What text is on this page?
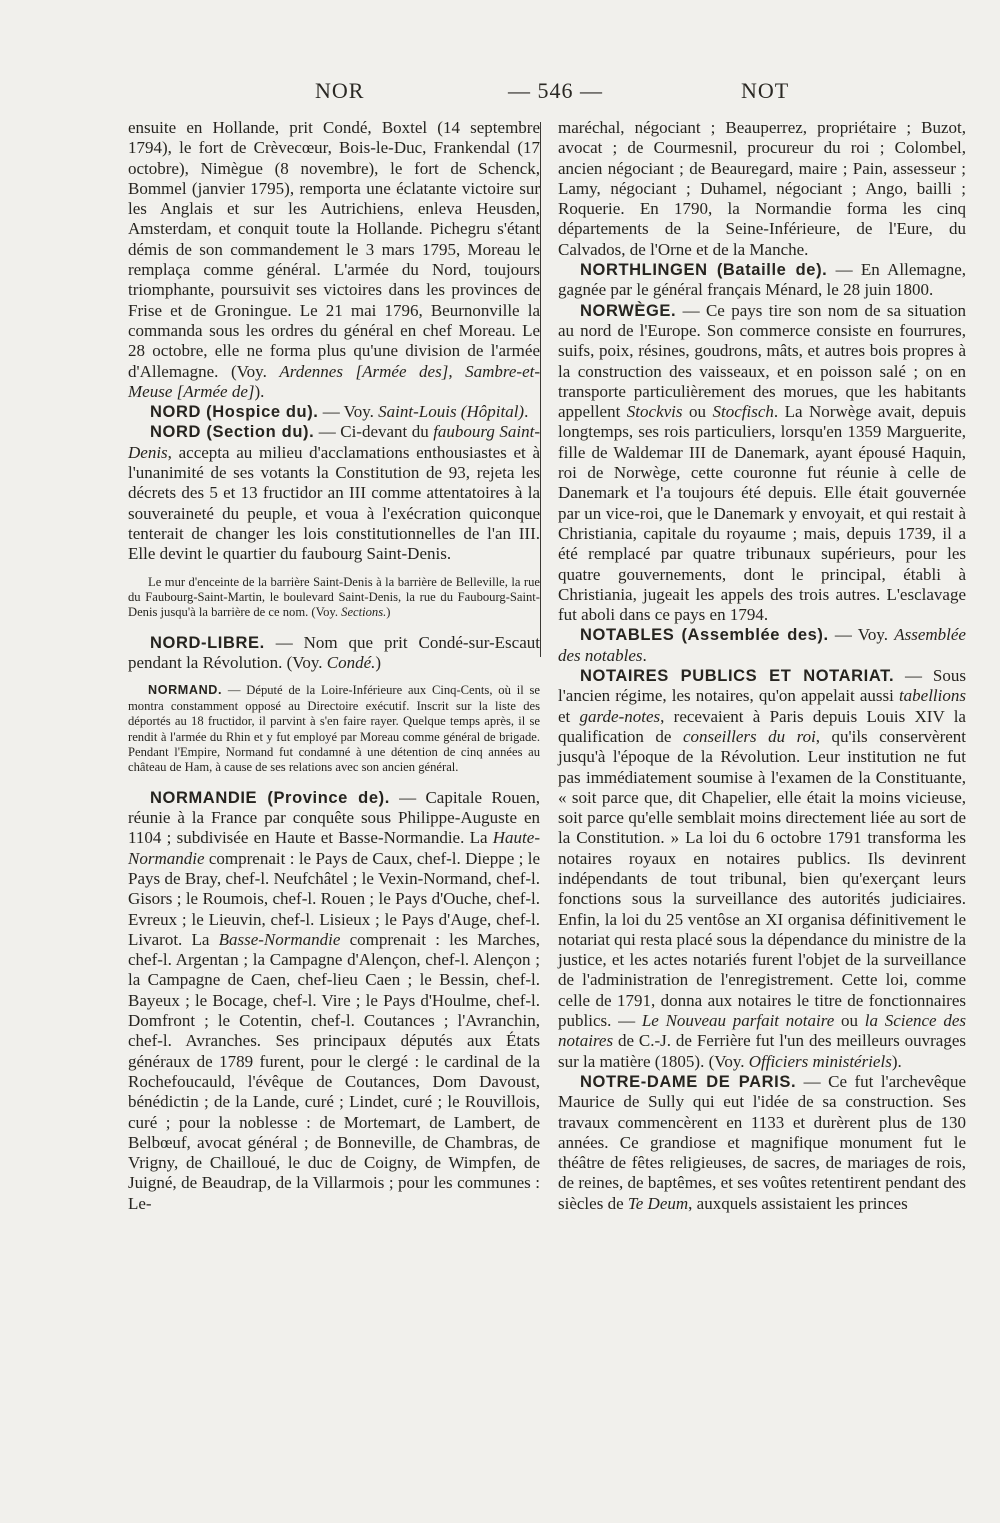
NOR	— 546 —	NOT

ensuite en Hollande, prit Condé, Boxtel (14 septembre 1794), le fort de Crèvecœur, Bois-le-Duc, Frankendal (17 octobre), Nimègue (8 novembre), le fort de Schenck, Bommel (janvier 1795), remporta une éclatante victoire sur les Anglais et sur les Autrichiens, enleva Heusden, Amsterdam, et conquit toute la Hollande. Pichegru s'étant démis de son commandement le 3 mars 1795, Moreau le remplaça comme général. L'armée du Nord, toujours triomphante, poursuivit ses victoires dans les provinces de Frise et de Groningue. Le 21 mai 1796, Beurnonville la commanda sous les ordres du général en chef Moreau. Le 28 octobre, elle ne forma plus qu'une division de l'armée d'Allemagne. (Voy. Ardennes [Armée des], Sambre-et-Meuse [Armée de]).

NORD (Hospice du). — Voy. Saint-Louis (Hôpital).

NORD (Section du). — Ci-devant du faubourg Saint-Denis, accepta au milieu d'acclamations enthousiastes et à l'unanimité de ses votants la Constitution de 93, rejeta les décrets des 5 et 13 fructidor an III comme attentatoires à la souveraineté du peuple, et voua à l'exécration quiconque tenterait de changer les lois constitutionnelles de l'an III. Elle devint le quartier du faubourg Saint-Denis.

Le mur d'enceinte de la barrière Saint-Denis à la barrière de Belleville, la rue du Faubourg-Saint-Martin, le boulevard Saint-Denis, la rue du Faubourg-Saint-Denis jusqu'à la barrière de ce nom. (Voy. Sections.)

NORD-LIBRE. — Nom que prit Condé-sur-Escaut pendant la Révolution. (Voy. Condé.)

NORMAND. — Député de la Loire-Inférieure aux Cinq-Cents, où il se montra constamment opposé au Directoire exécutif. Inscrit sur la liste des déportés au 18 fructidor, il parvint à s'en faire rayer. Quelque temps après, il se rendit à l'armée du Rhin et y fut employé par Moreau comme général de brigade. Pendant l'Empire, Normand fut condamné à une détention de cinq années au château de Ham, à cause de ses relations avec son ancien général.

NORMANDIE (Province de). — Capitale Rouen, réunie à la France par conquête sous Philippe-Auguste en 1104 ; subdivisée en Haute et Basse-Normandie. La Haute-Normandie comprenait : le Pays de Caux, chef-l. Dieppe ; le Pays de Bray, chef-l. Neufchâtel ; le Vexin-Normand, chef-l. Gisors ; le Roumois, chef-l. Rouen ; le Pays d'Ouche, chef-l. Evreux ; le Lieuvin, chef-l. Lisieux ; le Pays d'Auge, chef-l. Livarot. La Basse-Normandie comprenait : les Marches, chef-l. Argentan ; la Campagne d'Alençon, chef-l. Alençon ; la Campagne de Caen, chef-lieu Caen ; le Bessin, chef-l. Bayeux ; le Bocage, chef-l. Vire ; le Pays d'Houlme, chef-l. Domfront ; le Cotentin, chef-l. Coutances ; l'Avranchin, chef-l. Avranches. Ses principaux députés aux États généraux de 1789 furent, pour le clergé : le cardinal de la Rochefoucauld, l'évêque de Coutances, Dom Davoust, bénédictin ; de la Lande, curé ; Lindet, curé ; le Rouvillois, curé ; pour la noblesse : de Mortemart, de Lambert, de Belbœuf, avocat général ; de Bonneville, de Chambras, de Vrigny, de Chailloué, le duc de Coigny, de Wimpfen, de Juigné, de Beaudrap, de la Villarmois ; pour les communes : Le-

maréchal, négociant ; Beauperrez, propriétaire ; Buzot, avocat ; de Courmesnil, procureur du roi ; Colombel, ancien négociant ; de Beauregard, maire ; Pain, assesseur ; Lamy, négociant ; Duhamel, négociant ; Ango, bailli ; Roquerie. En 1790, la Normandie forma les cinq départements de la Seine-Inférieure, de l'Eure, du Calvados, de l'Orne et de la Manche.

NORTHLINGEN (Bataille de). — En Allemagne, gagnée par le général français Ménard, le 28 juin 1800.

NORWÈGE. — Ce pays tire son nom de sa situation au nord de l'Europe. Son commerce consiste en fourrures, suifs, poix, résines, goudrons, mâts, et autres bois propres à la construction des vaisseaux, et en poisson salé ; on en transporte particulièrement des morues, que les habitants appellent Stockvis ou Stocfisch. La Norwège avait, depuis longtemps, ses rois particuliers, lorsqu'en 1359 Marguerite, fille de Waldemar III de Danemark, ayant épousé Haquin, roi de Norwège, cette couronne fut réunie à celle de Danemark et l'a toujours été depuis. Elle était gouvernée par un vice-roi, que le Danemark y envoyait, et qui restait à Christiania, capitale du royaume ; mais, depuis 1739, il a été remplacé par quatre tribunaux supérieurs, pour les quatre gouvernements, dont le principal, établi à Christiania, jugeait les appels des trois autres. L'esclavage fut aboli dans ce pays en 1794.

NOTABLES (Assemblée des). — Voy. Assemblée des notables.

NOTAIRES PUBLICS ET NOTARIAT. — Sous l'ancien régime, les notaires, qu'on appelait aussi tabellions et garde-notes, recevaient à Paris depuis Louis XIV la qualification de conseillers du roi, qu'ils conservèrent jusqu'à l'époque de la Révolution. Leur institution ne fut pas immédiatement soumise à l'examen de la Constituante, « soit parce que, dit Chapelier, elle était la moins vicieuse, soit parce qu'elle semblait moins directement liée au sort de la Constitution. » La loi du 6 octobre 1791 transforma les notaires royaux en notaires publics. Ils devinrent indépendants de tout tribunal, bien qu'exerçant leurs fonctions sous la surveillance des autorités judiciaires. Enfin, la loi du 25 ventôse an XI organisa définitivement le notariat qui resta placé sous la dépendance du ministre de la justice, et les actes notariés furent l'objet de la surveillance de l'administration de l'enregistrement. Cette loi, comme celle de 1791, donna aux notaires le titre de fonctionnaires publics. — Le Nouveau parfait notaire ou la Science des notaires de C.-J. de Ferrière fut l'un des meilleurs ouvrages sur la matière (1805). (Voy. Officiers ministériels).

NOTRE-DAME DE PARIS. — Ce fut l'archevêque Maurice de Sully qui eut l'idée de sa construction. Ses travaux commencèrent en 1133 et durèrent plus de 130 années. Ce grandiose et magnifique monument fut le théâtre de fêtes religieuses, de sacres, de mariages de rois, de reines, de baptêmes, et ses voûtes retentirent pendant des siècles de Te Deum, auxquels assistaient les princes
